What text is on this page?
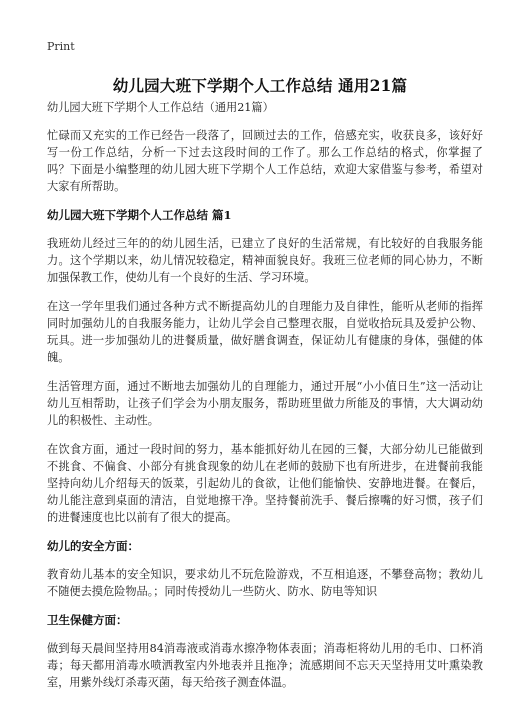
Print
幼儿园大班下学期个人工作总结 通用21篇

幼儿园大班下学期个人工作总结（通用21篇）

忙碌而又充实的工作已经告一段落了，回顾过去的工作，倍感充实，收获良多，该好好写一份工作总结，分析一下过去这段时间的工作了。那么工作总结的格式，你掌握了吗？下面是小编整理的幼儿园大班下学期个人工作总结，欢迎大家借鉴与参考，希望对大家有所帮助。

幼儿园大班下学期个人工作总结 篇1

我班幼儿经过三年的的幼儿园生活，已建立了良好的生活常规，有比较好的自我服务能力。这个学期以来，幼儿情况较稳定，精神面貌良好。我班三位老师的同心协力，不断加强保教工作，使幼儿有一个良好的生活、学习环境。

在这一学年里我们通过各种方式不断提高幼儿的自理能力及自律性，能听从老师的指挥同时加强幼儿的自我服务能力，让幼儿学会自己整理衣服，自觉收拾玩具及爱护公物、玩具。进一步加强幼儿的进餐质量，做好膳食调查，保证幼儿有健康的身体，强健的体魄。

生活管理方面，通过不断地去加强幼儿的自理能力，通过开展“小小值日生”这一活动让幼儿互相帮助，让孩子们学会为小朋友服务，帮助班里做力所能及的事情，大大调动幼儿的积极性、主动性。

在饮食方面，通过一段时间的努力，基本能抓好幼儿在园的三餐，大部分幼儿已能做到不挑食、不偏食、小部分有挑食现象的幼儿在老师的鼓励下也有所进步，在进餐前我能坚持向幼儿介绍每天的饭菜，引起幼儿的食欲，让他们能愉快、安静地进餐。在餐后，幼儿能注意到桌面的清洁，自觉地擦干净。坚持餐前洗手、餐后擦嘴的好习惯，孩子们的进餐速度也比以前有了很大的提高。

幼儿的安全方面：

教育幼儿基本的安全知识，要求幼儿不玩危险游戏，不互相追逐，不攀登高物；教幼儿不随便去摸危险物品。；同时传授幼儿一些防火、防水、防电等知识

卫生保健方面：

做到每天晨间坚持用84消毒液或消毒水擦净物体表面；消毒柜将幼儿用的毛巾、口杯消毒；每天都用消毒水喷洒教室内外地表并且拖净；流感期间不忘天天坚持用艾叶熏染教室，用紫外线灯杀毒灭菌，每天给孩子测查体温。
